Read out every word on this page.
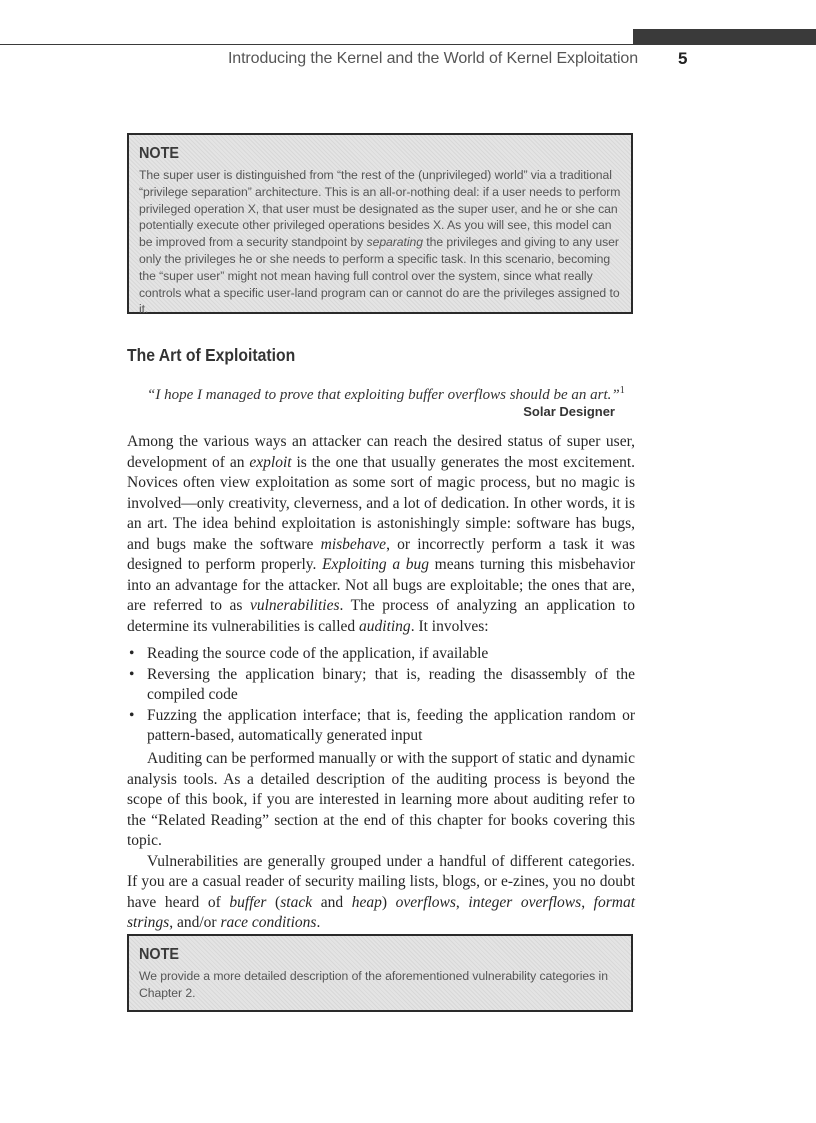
Introducing the Kernel and the World of Kernel Exploitation 5
NOTE

The super user is distinguished from “the rest of the (unprivileged) world” via a traditional “privilege separation” architecture. This is an all-or-nothing deal: if a user needs to perform privileged operation X, that user must be designated as the super user, and he or she can potentially execute other privileged operations besides X. As you will see, this model can be improved from a security standpoint by separating the privileges and giving to any user only the privileges he or she needs to perform a specific task. In this scenario, becoming the “super user” might not mean having full control over the system, since what really controls what a specific user-land program can or cannot do are the privileges assigned to it.

The Art of Exploitation
“I hope I managed to prove that exploiting buffer overflows should be an art.”$^1$
Solar Designer

Among the various ways an attacker can reach the desired status of super user, development of an exploit is the one that usually generates the most excitement. Novices often view exploitation as some sort of magic process, but no magic is involved—only creativity, cleverness, and a lot of dedication. In other words, it is an art. The idea behind exploitation is astonishingly simple: software has bugs, and bugs make the software misbehave, or incorrectly perform a task it was designed to perform properly. Exploiting a bug means turning this misbehavior into an advantage for the attacker. Not all bugs are exploitable; the ones that are, are referred to as vulnerabilities. The process of analyzing an application to determine its vulnerabilities is called auditing. It involves:

• Reading the source code of the application, if available
• Reversing the application binary; that is, reading the disassembly of the compiled code
• Fuzzing the application interface; that is, feeding the application random or pattern-based, automatically generated input

Auditing can be performed manually or with the support of static and dynamic analysis tools. As a detailed description of the auditing process is beyond the scope of this book, if you are interested in learning more about auditing refer to the “Related Reading” section at the end of this chapter for books covering this topic.

Vulnerabilities are generally grouped under a handful of different categories. If you are a casual reader of security mailing lists, blogs, or e-zines, you no doubt have heard of buffer (stack and heap) overflows, integer overflows, format strings, and/or race conditions.

NOTE

We provide a more detailed description of the aforementioned vulnerability categories in Chapter 2.
